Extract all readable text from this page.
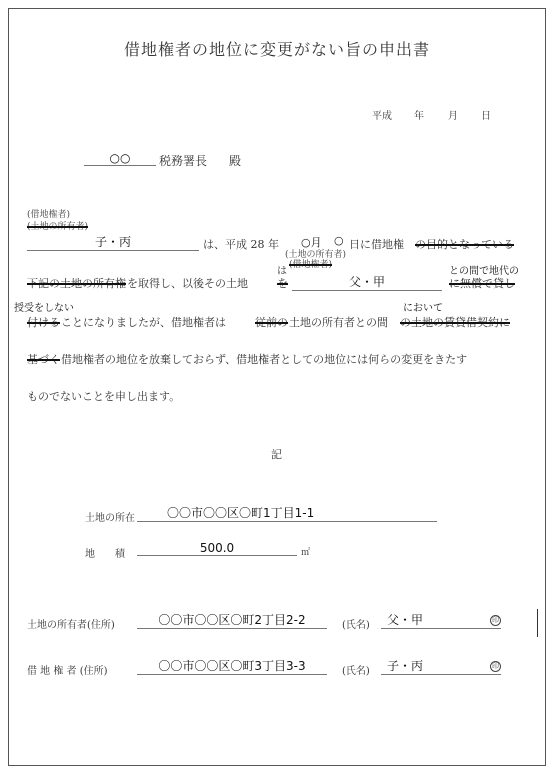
借地権者の地位に変更がない旨の申出書
平成 年 月 日
○○	税務署長 殿
(借地権者)
(土地の所有者)
子・丙	は、平成 28 年 ○月 ○ 日に借地権 の目的となっている
(土地の所有者)
(借地権者)
は	との間で地代の
下記の土地の所有権 を取得し、以後その土地	を	父・甲	に無償で貸し
授受をしない	において
付ける ことになりましたが、借地権者は	従前の 土地の所有者との間 の土地の賃貸借契約に
基づく 借地権者の地位を放棄しておらず、借地権者としての地位には何らの変更をきたす
ものでないことを申し出ます。
記
土地の所在	〇〇市〇〇区〇町1丁目1-1
地　　積	500.0	㎡
土地の所有者(住所)	〇〇市〇〇区〇町2丁目2-2	(氏名)	父・甲	印
借 地 権 者 (住所)	〇〇市〇〇区〇町3丁目3-3	(氏名)	子・丙	印
